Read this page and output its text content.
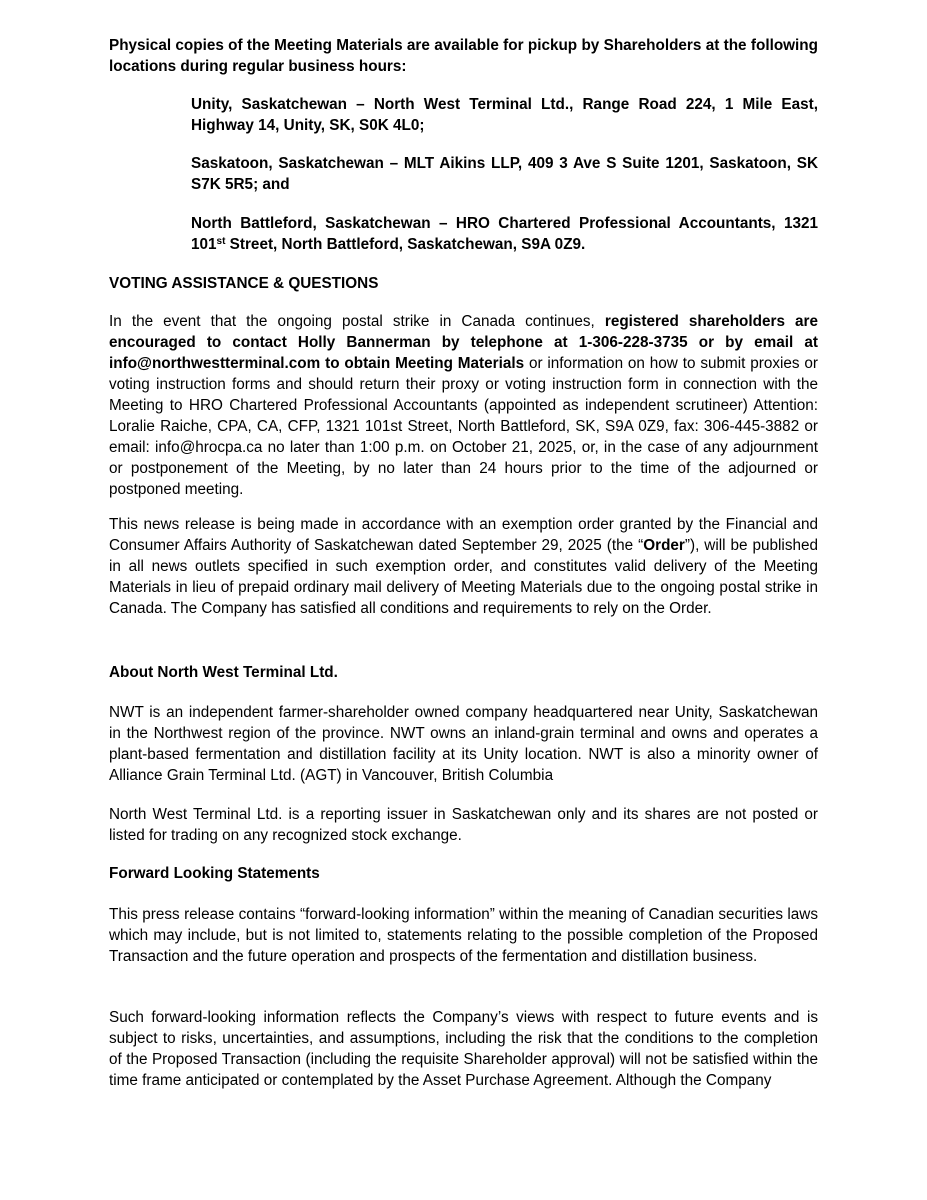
Physical copies of the Meeting Materials are available for pickup by Shareholders at the following locations during regular business hours:

Unity, Saskatchewan – North West Terminal Ltd., Range Road 224, 1 Mile East, Highway 14, Unity, SK, S0K 4L0;

Saskatoon, Saskatchewan – MLT Aikins LLP, 409 3 Ave S Suite 1201, Saskatoon, SK S7K 5R5; and

North Battleford, Saskatchewan – HRO Chartered Professional Accountants, 1321 101st Street, North Battleford, Saskatchewan, S9A 0Z9.

VOTING ASSISTANCE & QUESTIONS

In the event that the ongoing postal strike in Canada continues, registered shareholders are encouraged to contact Holly Bannerman by telephone at 1-306-228-3735 or by email at info@northwestterminal.com to obtain Meeting Materials or information on how to submit proxies or voting instruction forms and should return their proxy or voting instruction form in connection with the Meeting to HRO Chartered Professional Accountants (appointed as independent scrutineer) Attention: Loralie Raiche, CPA, CA, CFP, 1321 101st Street, North Battleford, SK, S9A 0Z9, fax: 306-445-3882 or email: info@hrocpa.ca no later than 1:00 p.m. on October 21, 2025, or, in the case of any adjournment or postponement of the Meeting, by no later than 24 hours prior to the time of the adjourned or postponed meeting.

This news release is being made in accordance with an exemption order granted by the Financial and Consumer Affairs Authority of Saskatchewan dated September 29, 2025 (the “Order”), will be published in all news outlets specified in such exemption order, and constitutes valid delivery of the Meeting Materials in lieu of prepaid ordinary mail delivery of Meeting Materials due to the ongoing postal strike in Canada. The Company has satisfied all conditions and requirements to rely on the Order.

About North West Terminal Ltd.

NWT is an independent farmer-shareholder owned company headquartered near Unity, Saskatchewan in the Northwest region of the province. NWT owns an inland-grain terminal and owns and operates a plant-based fermentation and distillation facility at its Unity location. NWT is also a minority owner of Alliance Grain Terminal Ltd. (AGT) in Vancouver, British Columbia

North West Terminal Ltd. is a reporting issuer in Saskatchewan only and its shares are not posted or listed for trading on any recognized stock exchange.

Forward Looking Statements

This press release contains “forward-looking information” within the meaning of Canadian securities laws which may include, but is not limited to, statements relating to the possible completion of the Proposed Transaction and the future operation and prospects of the fermentation and distillation business.

Such forward-looking information reflects the Company’s views with respect to future events and is subject to risks, uncertainties, and assumptions, including the risk that the conditions to the completion of the Proposed Transaction (including the requisite Shareholder approval) will not be satisfied within the time frame anticipated or contemplated by the Asset Purchase Agreement. Although the Company
